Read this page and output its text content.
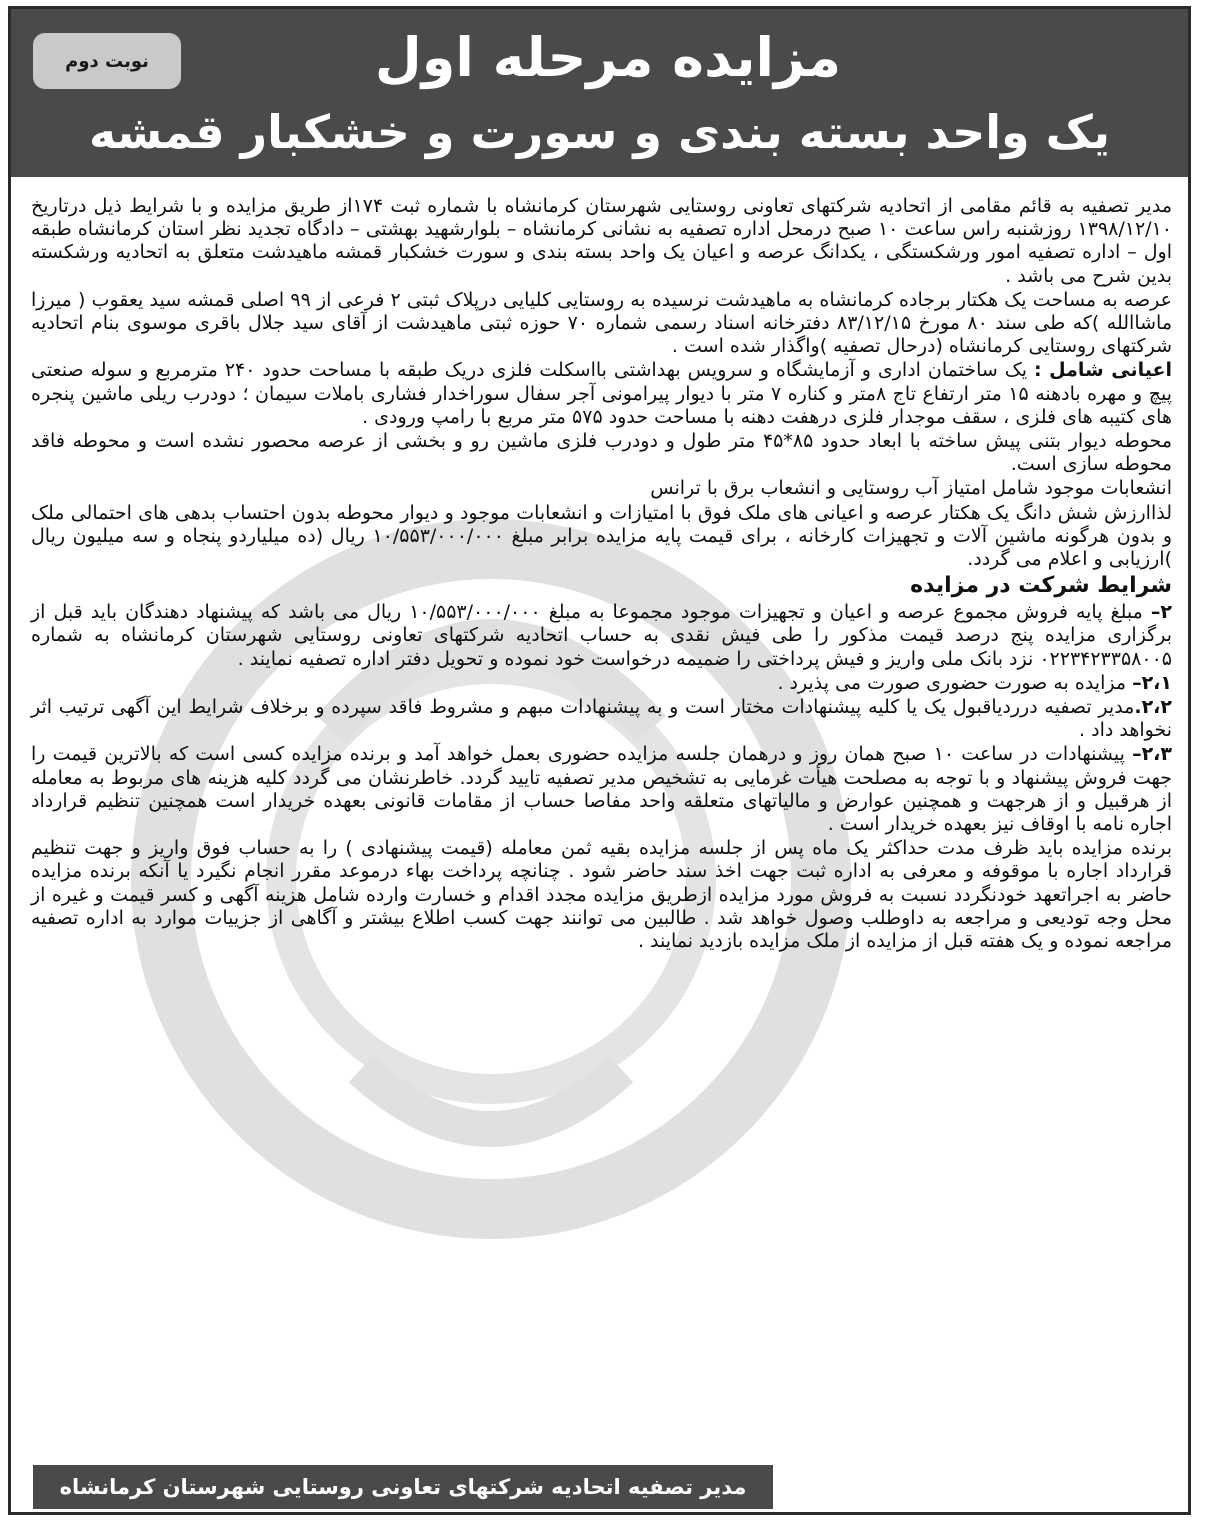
نوبت دوم	مزایده مرحله اول
یک واحد بسته بندی و سورت و خشکبار قمشه

مدیر تصفیه به قائم مقامی از اتحادیه شرکتهای تعاونی روستایی شهرستان کرمانشاه با شماره ثبت ۱۷۴از طریق مزایده و با شرایط ذیل درتاریخ ۱۳۹۸/۱۲/۱۰ روزشنبه راس ساعت ۱۰ صبح درمحل اداره تصفیه به نشانی کرمانشاه – بلوارشهید بهشتی – دادگاه تجدید نظر استان کرمانشاه طبقه اول – اداره تصفیه امور ورشکستگی ، یکدانگ عرصه و اعیان یک واحد بسته بندی و سورت خشکبار قمشه ماهیدشت متعلق به اتحادیه ورشکسته بدین شرح می باشد .

عرصه به مساحت یک هکتار برجاده کرمانشاه به ماهیدشت نرسیده به روستایی کلیایی درپلاک ثبتی ۲ فرعی از ۹۹ اصلی قمشه سید یعقوب ( میرزا ماشاالله )که طی سند ۸۰ مورخ ۸۳/۱۲/۱۵ دفترخانه اسناد رسمی شماره ۷۰ حوزه ثبتی ماهیدشت از آقای سید جلال باقری موسوی بنام اتحادیه شرکتهای روستایی کرمانشاه (درحال تصفیه )واگذار شده است .

اعیانی شامل : یک ساختمان اداری و آزمایشگاه و سرویس بهداشتی بااسکلت فلزی دریک طبقه با مساحت حدود ۲۴۰ مترمربع و سوله صنعتی پیچ و مهره بادهنه ۱۵ متر ارتفاع تاج ۸متر و کناره ۷ متر با دیوار پیرامونی آجر سفال سوراخدار فشاری باملات سیمان ؛ دودرب ریلی ماشین پنجره های کتیبه های فلزی ، سقف موجدار فلزی درهفت دهنه با مساحت حدود ۵۷۵ متر مربع با رامپ ورودی .

محوطه دیوار بتنی پیش ساخته با ابعاد حدود ۸۵*۴۵ متر طول و دودرب فلزی ماشین رو و بخشی از عرصه محصور نشده است و محوطه فاقد محوطه سازی است.

انشعابات موجود شامل امتیاز آب روستایی و انشعاب برق با ترانس

لذاارزش شش دانگ یک هکتار عرصه و اعیانی های ملک فوق با امتیازات و انشعابات موجود و دیوار محوطه بدون احتساب بدهی های احتمالی ملک و بدون هرگونه ماشین آلات و تجهیزات کارخانه ، برای قیمت پایه مزایده برابر مبلغ ۱۰/۵۵۳/۰۰۰/۰۰۰ ریال (ده میلیاردو پنجاه و سه میلیون ریال )ارزیابی و اعلام می گردد.

شرایط شرکت در مزایده

۲– مبلغ پایه فروش مجموع عرصه و اعیان و تجهیزات موجود مجموعا به مبلغ ۱۰/۵۵۳/۰۰۰/۰۰۰ ریال می باشد که پیشنهاد دهندگان باید قبل از برگزاری مزایده پنج درصد قیمت مذکور را طی فیش نقدی به حساب اتحادیه شرکتهای تعاونی روستایی شهرستان کرمانشاه به شماره ۰۲۲۳۴۲۳۳۵۸۰۰۵ نزد بانک ملی واریز و فیش پرداختی را ضمیمه درخواست خود نموده و تحویل دفتر اداره تصفیه نمایند .

۲،۱– مزایده به صورت حضوری صورت می پذیرد .

۲،۲.مدیر تصفیه درردیاقبول یک یا کلیه پیشنهادات مختار است و به پیشنهادات مبهم و مشروط فاقد سپرده و برخلاف شرایط این آگهی ترتیب اثر نخواهد داد .

۲،۳– پیشنهادات در ساعت ۱۰ صبح همان روز و درهمان جلسه مزایده حضوری بعمل خواهد آمد و برنده مزایده کسی است که بالاترین قیمت را جهت فروش پیشنهاد و با توجه به مصلحت هیأت غرمایی به تشخیص مدیر تصفیه تایید گردد. خاطرنشان می گردد کلیه هزینه های مربوط به معامله از هرقبیل و از هرجهت و همچنین عوارض و مالیاتهای متعلقه واحد مفاصا حساب از مقامات قانونی بعهده خریدار است همچنین تنظیم قرارداد اجاره نامه با اوقاف نیز بعهده خریدار است .

برنده مزایده باید ظرف مدت حداکثر یک ماه پس از جلسه مزایده بقیه ثمن معامله (قیمت پیشنهادی ) را به حساب فوق واریز و جهت تنظیم قرارداد اجاره با موقوفه و معرفی به اداره ثبت جهت اخذ سند حاضر شود . چنانچه پرداخت بهاء درموعد مقرر انجام نگیرد یا آنکه برنده مزایده حاضر به اجراتعهد خودنگردد نسبت به فروش مورد مزایده ازطریق مزایده مجدد اقدام و خسارت وارده شامل هزینه آگهی و کسر قیمت و غیره از محل وجه تودیعی و مراجعه به داوطلب وصول خواهد شد . طالبین می توانند جهت کسب اطلاع بیشتر و آگاهی از جزییات موارد به اداره تصفیه مراجعه نموده و یک هفته قبل از مزایده از ملک مزایده بازدید نمایند .

مدیر تصفیه اتحادیه شرکتهای تعاونی روستایی شهرستان کرمانشاه
